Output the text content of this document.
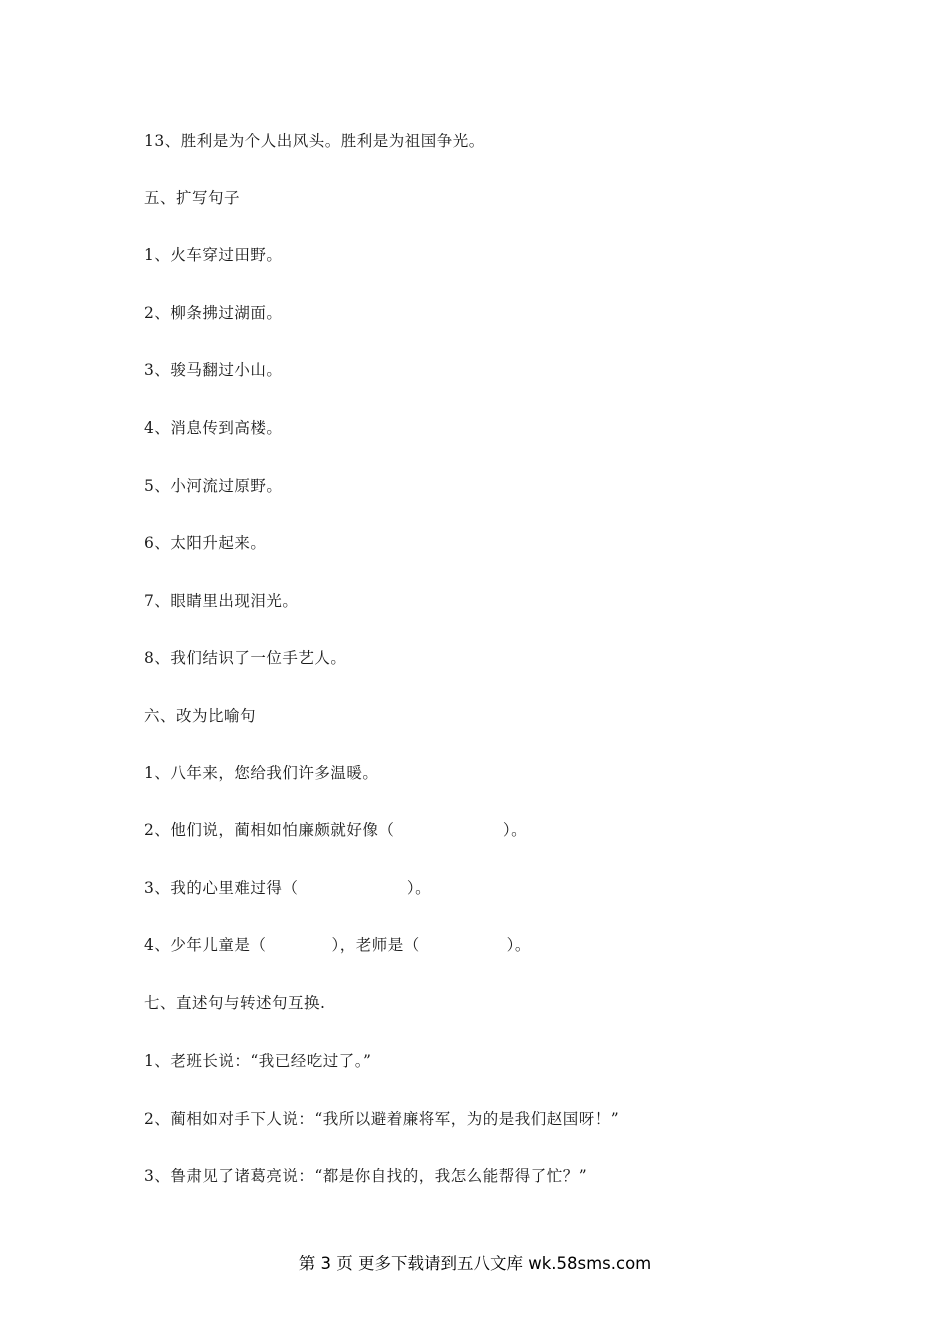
13、胜利是为个人出风头。胜利是为祖国争光。
五、扩写句子
1、火车穿过田野。
2、柳条拂过湖面。
3、骏马翻过小山。
4、消息传到高楼。
5、小河流过原野。
6、太阳升起来。
7、眼睛里出现泪光。
8、我们结识了一位手艺人。
六、改为比喻句
1、八年来，您给我们许多温暖。
2、他们说，蔺相如怕廉颇就好像（                    ）。
3、我的心里难过得（                    ）。
4、少年儿童是（            ），老师是（                ）。
七、直述句与转述句互换.
1、老班长说：“我已经吃过了。”
2、蔺相如对手下人说：“我所以避着廉将军，为的是我们赵国呀！”
3、鲁肃见了诸葛亮说：“都是你自找的，我怎么能帮得了忙？”
第 3 页 更多下载请到五八文库 wk.58sms.com
